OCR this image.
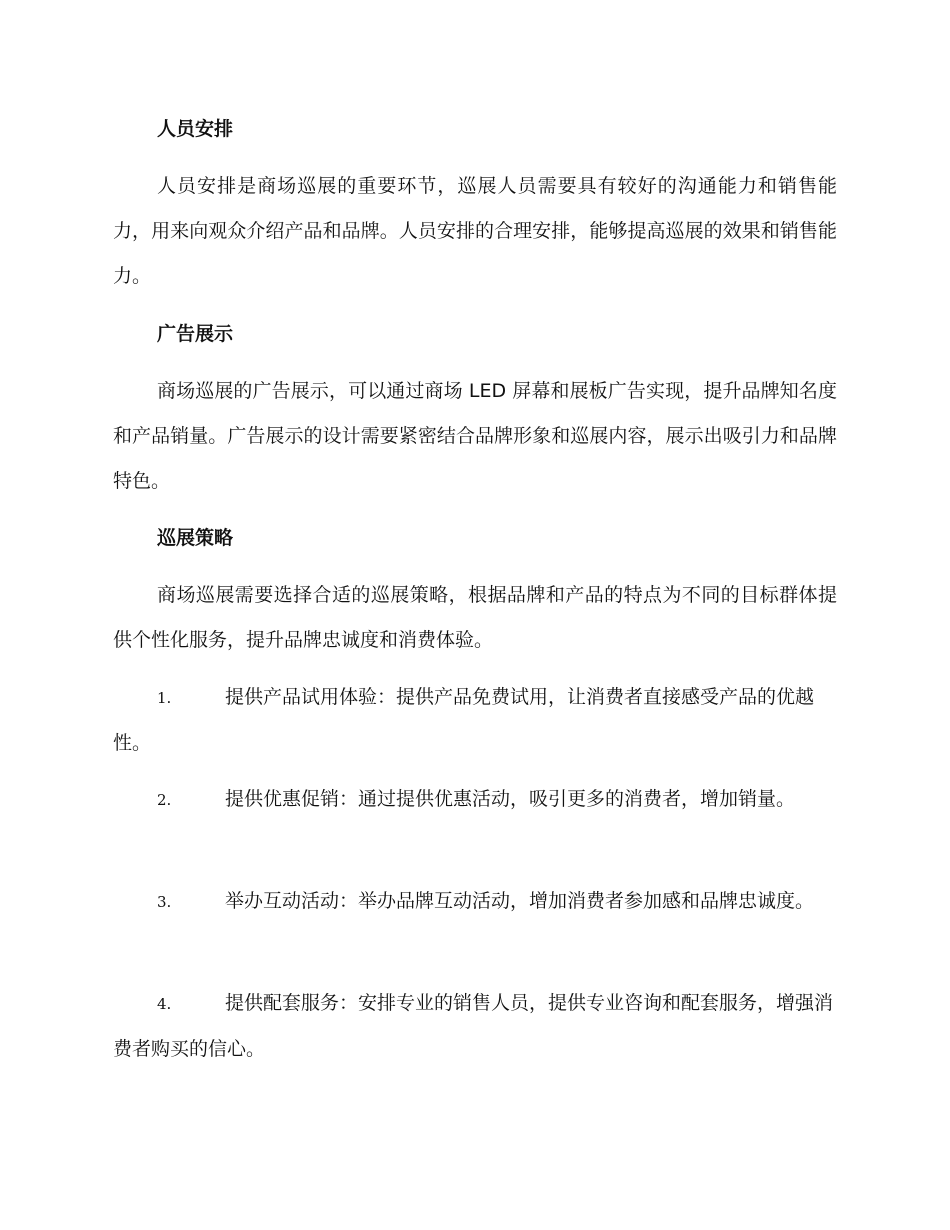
人员安排

人员安排是商场巡展的重要环节，巡展人员需要具有较好的沟通能力和销售能力，用来向观众介绍产品和品牌。人员安排的合理安排，能够提高巡展的效果和销售能力。

广告展示

商场巡展的广告展示，可以通过商场 LED 屏幕和展板广告实现，提升品牌知名度和产品销量。广告展示的设计需要紧密结合品牌形象和巡展内容，展示出吸引力和品牌特色。

巡展策略

商场巡展需要选择合适的巡展策略，根据品牌和产品的特点为不同的目标群体提供个性化服务，提升品牌忠诚度和消费体验。

1.	提供产品试用体验：提供产品免费试用，让消费者直接感受产品的优越性。

2.	提供优惠促销：通过提供优惠活动，吸引更多的消费者，增加销量。

3.	举办互动活动：举办品牌互动活动，增加消费者参加感和品牌忠诚度。

4.	提供配套服务：安排专业的销售人员，提供专业咨询和配套服务，增强消费者购买的信心。
